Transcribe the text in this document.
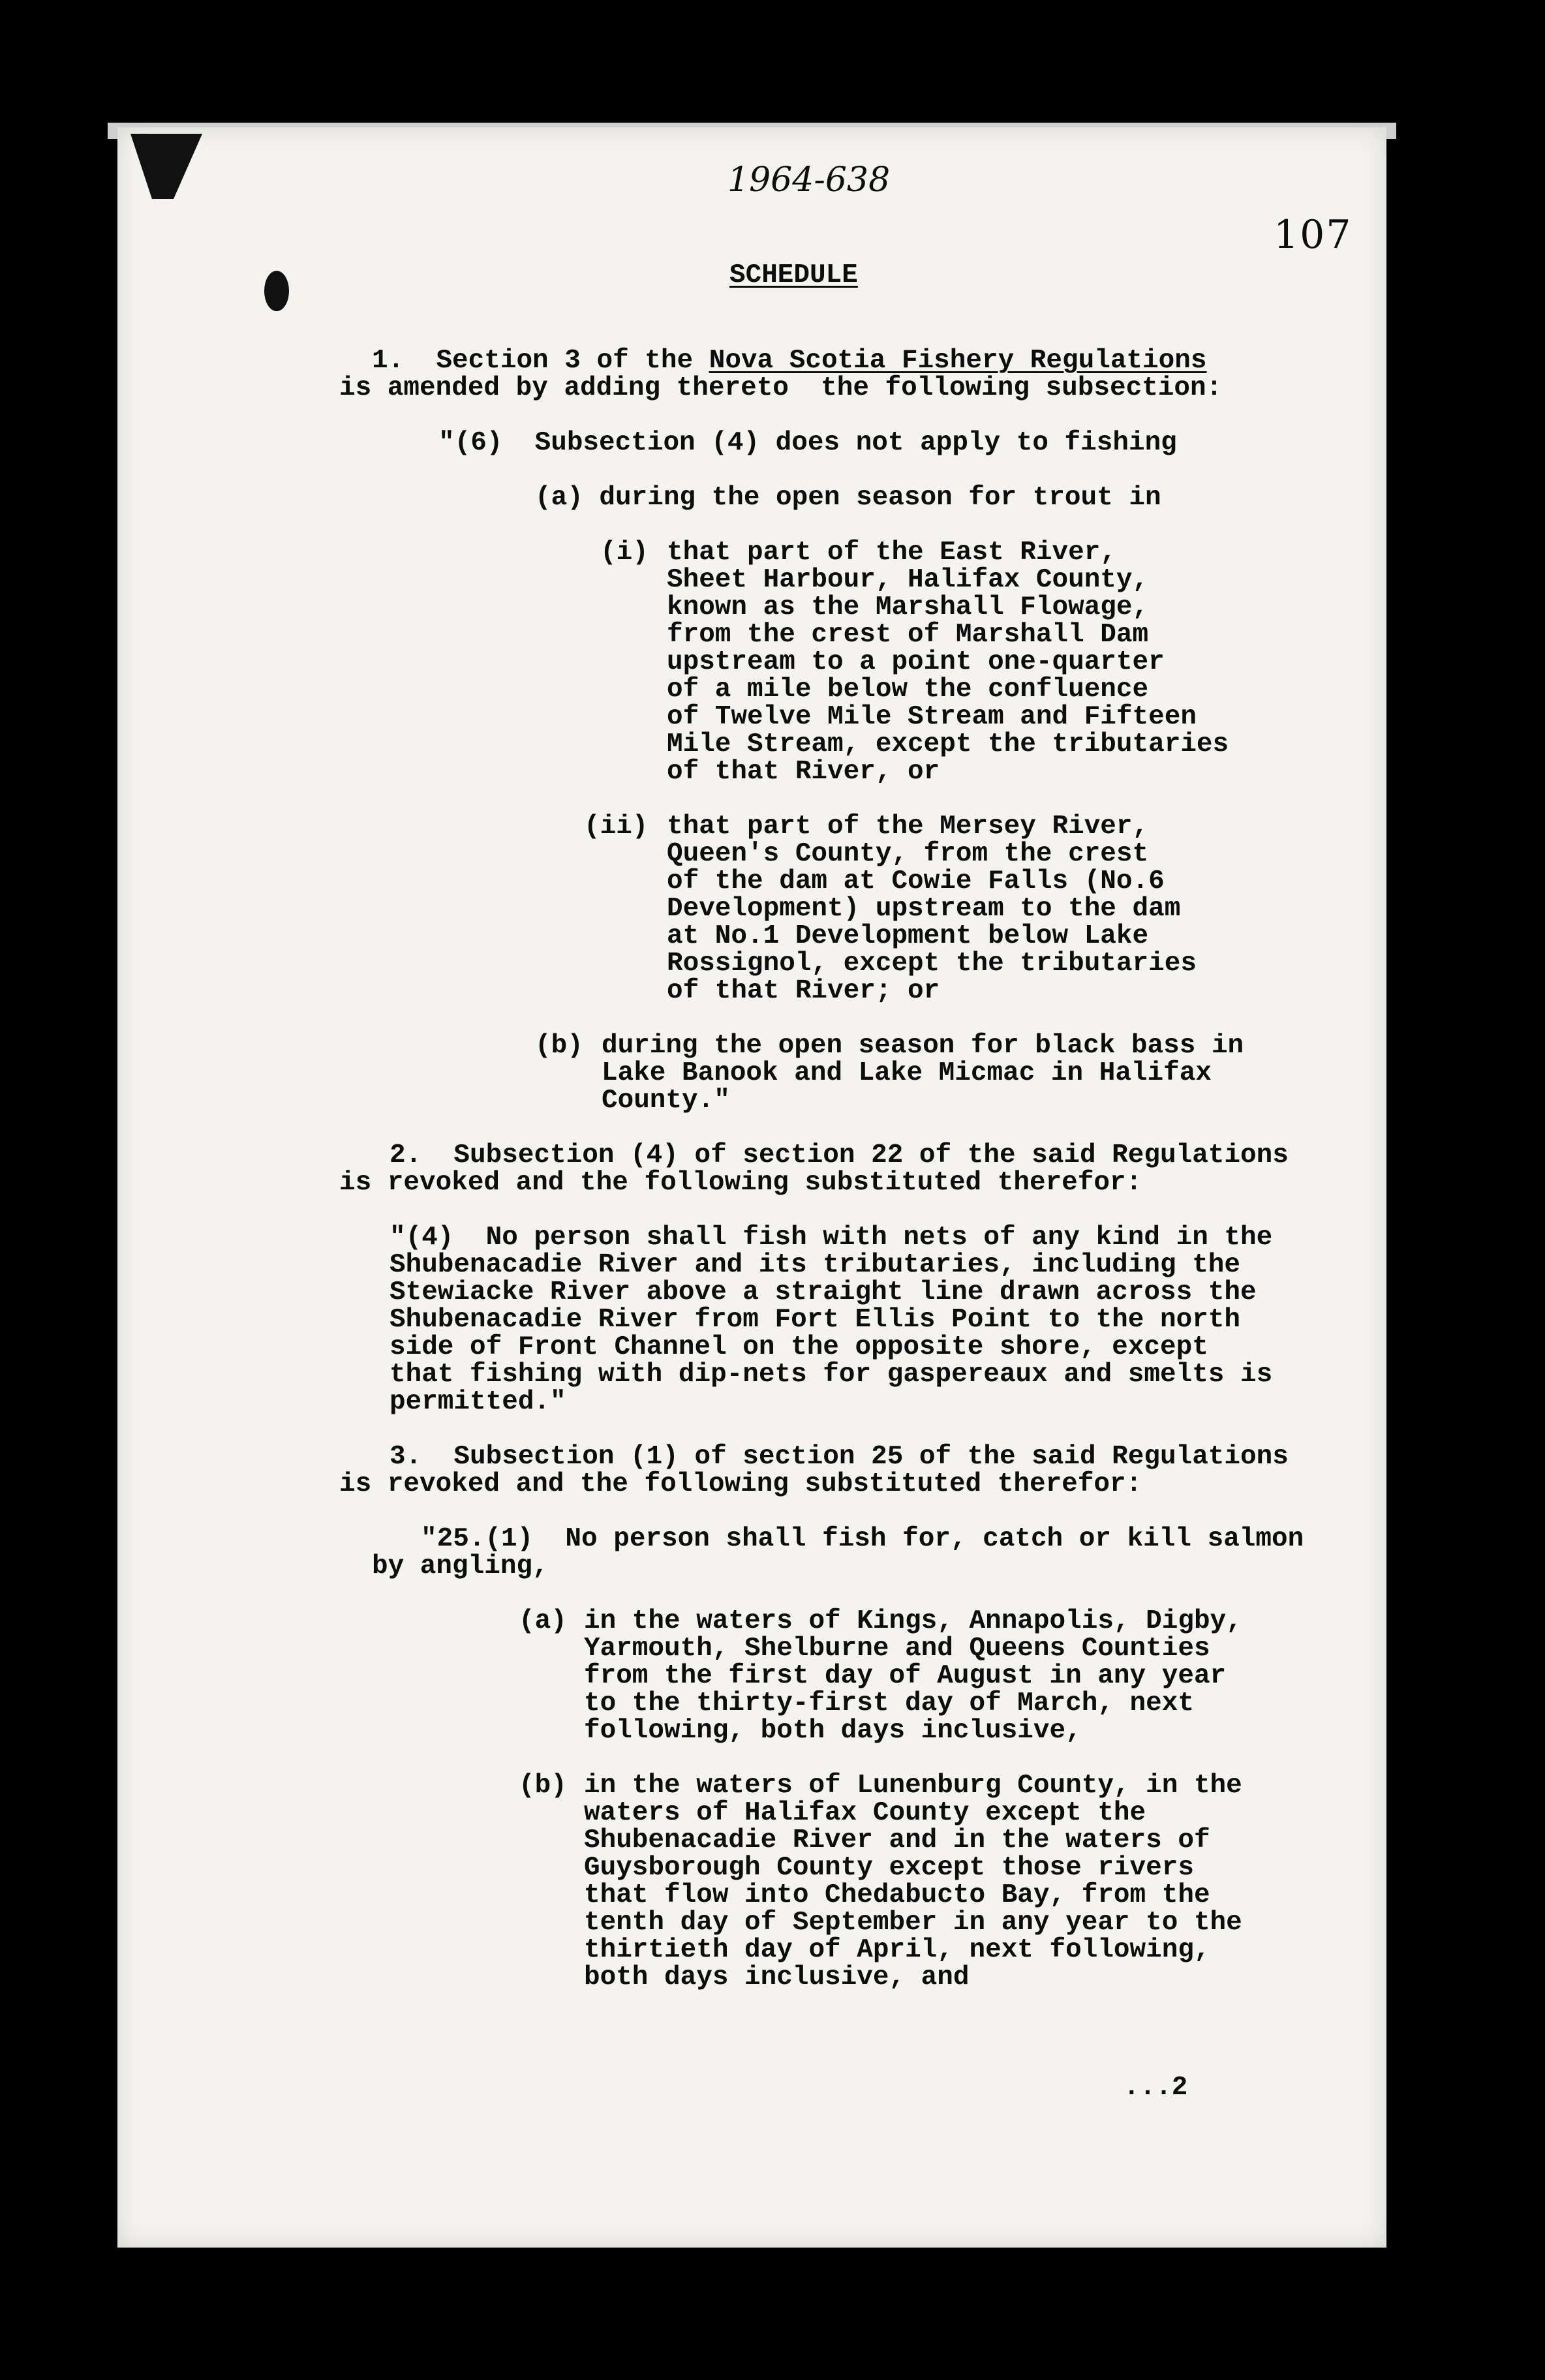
1964-638
107
SCHEDULE
1. Section 3 of the Nova Scotia Fishery Regulations
is amended by adding thereto  the following subsection:
"(6)  Subsection (4) does not apply to fishing
(a) during the open season for trout in
(i) that part of the East River,
Sheet Harbour, Halifax County,
known as the Marshall Flowage,
from the crest of Marshall Dam
upstream to a point one-quarter
of a mile below the confluence
of Twelve Mile Stream and Fifteen
Mile Stream, except the tributaries
of that River, or
(ii) that part of the Mersey River,
Queen's County, from the crest
of the dam at Cowie Falls (No.6
Development) upstream to the dam
at No.1 Development below Lake
Rossignol, except the tributaries
of that River; or
(b) during the open season for black bass in
Lake Banook and Lake Micmac in Halifax
County."
2.  Subsection (4) of section 22 of the said Regulations
is revoked and the following substituted therefor:
"(4)  No person shall fish with nets of any kind in the
Shubenacadie River and its tributaries, including the
Stewiacke River above a straight line drawn across the
Shubenacadie River from Fort Ellis Point to the north
side of Front Channel on the opposite shore, except
that fishing with dip-nets for gaspereaux and smelts is
permitted."
3.  Subsection (1) of section 25 of the said Regulations
is revoked and the following substituted therefor:
"25.(1)  No person shall fish for, catch or kill salmon
by angling,
(a) in the waters of Kings, Annapolis, Digby,
Yarmouth, Shelburne and Queens Counties
from the first day of August in any year
to the thirty-first day of March, next
following, both days inclusive,
(b) in the waters of Lunenburg County, in the
waters of Halifax County except the
Shubenacadie River and in the waters of
Guysborough County except those rivers
that flow into Chedabucto Bay, from the
tenth day of September in any year to the
thirtieth day of April, next following,
both days inclusive, and
...2
